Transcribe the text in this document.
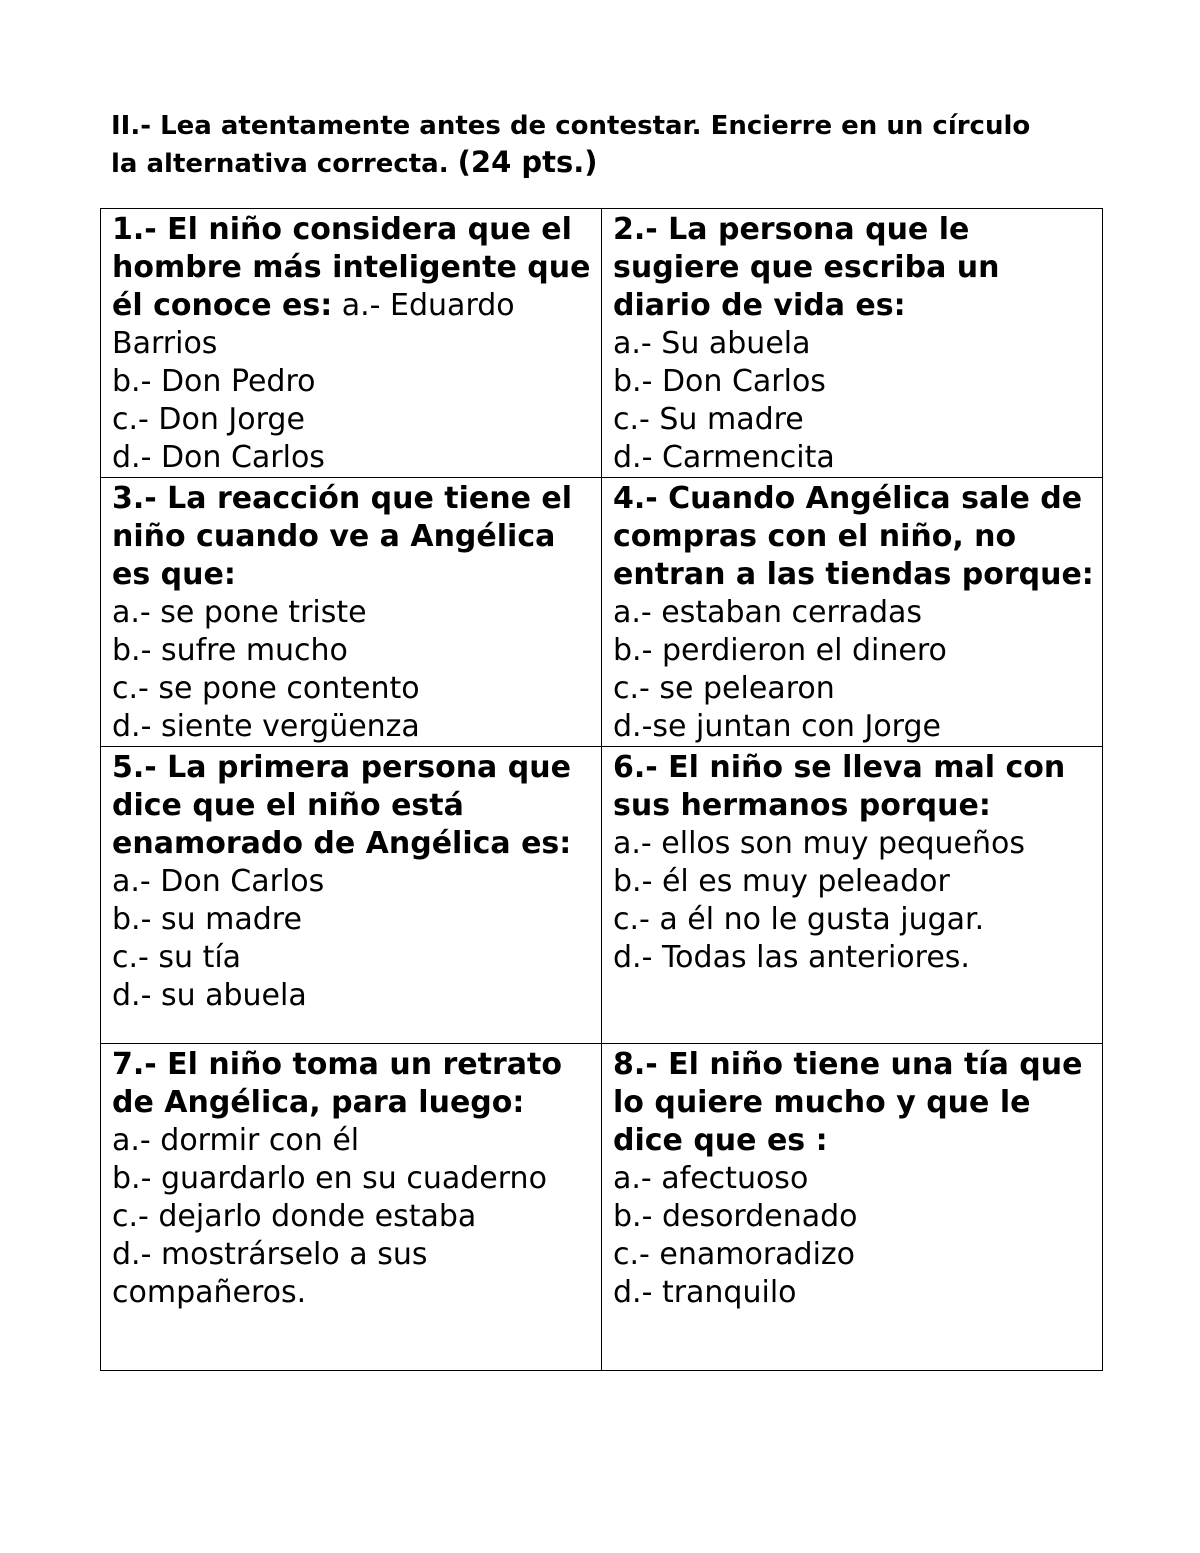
II.- Lea atentamente antes de contestar. Encierre en un círculo
la alternativa correcta. (24 pts.)
1.- El niño considera que el hombre más inteligente que él conoce es: a.- Eduardo Barrios
b.- Don Pedro
c.- Don Jorge
d.- Don Carlos	2.- La persona que le sugiere que escriba un diario de vida es:
a.- Su abuela
b.- Don Carlos
c.- Su madre
d.- Carmencita

3.- La reacción que tiene el niño cuando ve a Angélica es que:
a.- se pone triste
b.- sufre mucho
c.- se pone contento
d.- siente vergüenza	4.- Cuando Angélica sale de compras con el niño, no entran a las tiendas porque: a.- estaban cerradas
b.- perdieron el dinero
c.- se pelearon
d.-se juntan con Jorge

5.- La primera persona que dice que el niño está enamorado de Angélica es:
a.- Don Carlos
b.- su madre
c.- su tía
d.- su abuela	6.- El niño se lleva mal con sus hermanos porque:
a.- ellos son muy pequeños
b.- él es muy peleador
c.- a él no le gusta jugar.
d.- Todas las anteriores.

7.- El niño toma un retrato de Angélica, para luego:
a.- dormir con él
b.- guardarlo en su cuaderno
c.- dejarlo donde estaba
d.- mostrárselo a sus compañeros.	8.- El niño tiene una tía que lo quiere mucho y que le dice que es :
a.- afectuoso
b.- desordenado
c.- enamoradizo
d.- tranquilo
